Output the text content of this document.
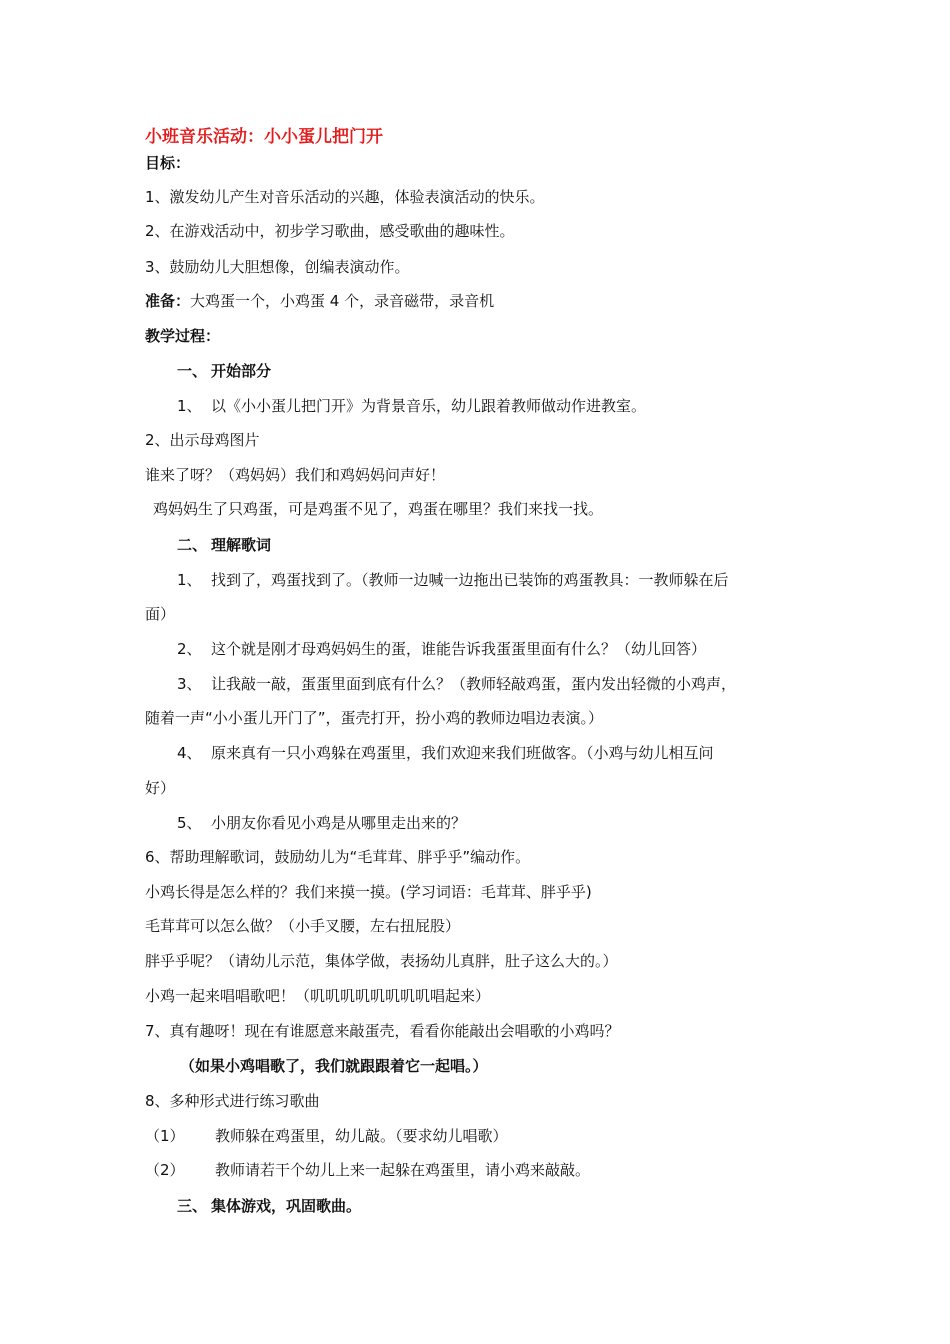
小班音乐活动：小小蛋儿把门开
目标：
1、激发幼儿产生对音乐活动的兴趣，体验表演活动的快乐。
2、在游戏活动中，初步学习歌曲，感受歌曲的趣味性。
3、鼓励幼儿大胆想像，创编表演动作。
准备：大鸡蛋一个，小鸡蛋 4 个，录音磁带，录音机
教学过程：
一、 开始部分
1、 以《小小蛋儿把门开》为背景音乐，幼儿跟着教师做动作进教室。
2、出示母鸡图片
谁来了呀？（鸡妈妈）我们和鸡妈妈问声好！
鸡妈妈生了只鸡蛋，可是鸡蛋不见了，鸡蛋在哪里？我们来找一找。
二、 理解歌词
1、 找到了，鸡蛋找到了。（教师一边喊一边拖出已装饰的鸡蛋教具：一教师躲在后
面）
2、 这个就是刚才母鸡妈妈生的蛋，谁能告诉我蛋蛋里面有什么？（幼儿回答）
3、 让我敲一敲，蛋蛋里面到底有什么？（教师轻敲鸡蛋，蛋内发出轻微的小鸡声，
随着一声“小小蛋儿开门了”，蛋壳打开，扮小鸡的教师边唱边表演。）
4、 原来真有一只小鸡躲在鸡蛋里，我们欢迎来我们班做客。（小鸡与幼儿相互问
好）
5、 小朋友你看见小鸡是从哪里走出来的？
6、帮助理解歌词，鼓励幼儿为“毛茸茸、胖乎乎”编动作。
小鸡长得是怎么样的？我们来摸一摸。(学习词语：毛茸茸、胖乎乎)
毛茸茸可以怎么做？（小手叉腰，左右扭屁股）
胖乎乎呢？（请幼儿示范，集体学做，表扬幼儿真胖，肚子这么大的。）
小鸡一起来唱唱歌吧！（叽叽叽叽叽叽叽叽唱起来）
7、真有趣呀！现在有谁愿意来敲蛋壳，看看你能敲出会唱歌的小鸡吗？
（如果小鸡唱歌了，我们就跟跟着它一起唱。）
8、多种形式进行练习歌曲
（1） 教师躲在鸡蛋里，幼儿敲。（要求幼儿唱歌）
（2） 教师请若干个幼儿上来一起躲在鸡蛋里，请小鸡来敲敲。
三、 集体游戏，巩固歌曲。
